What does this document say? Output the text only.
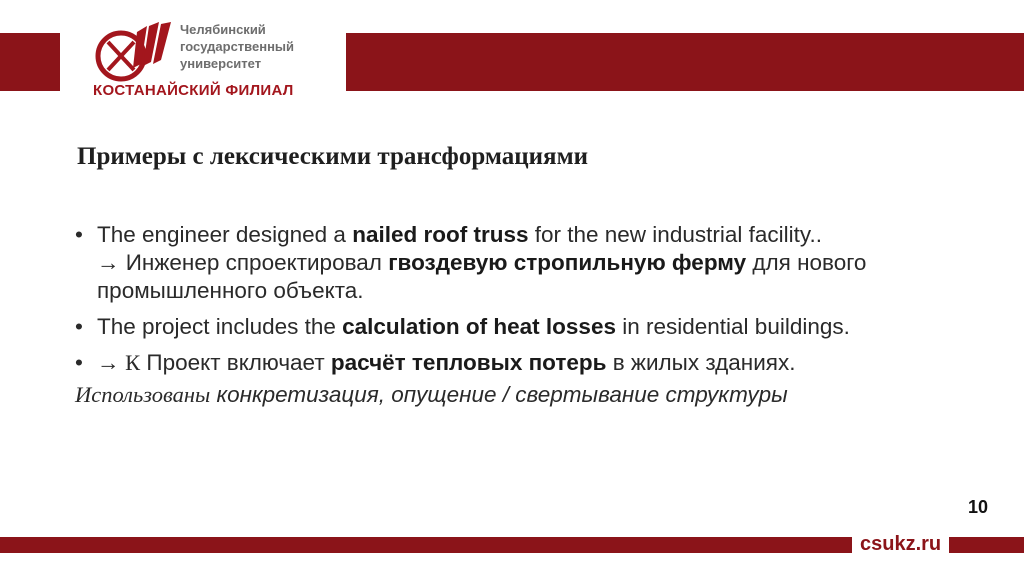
Челябинский
государственный
университет
КОСТАНАЙСКИЙ ФИЛИАЛ
Примеры с лексическими трансформациями
• The engineer designed a nailed roof truss for the new industrial facility..
→ Инженер спроектировал гвоздевую стропильную ферму для нового промышленного объекта.
• The project includes the calculation of heat losses in residential buildings.
• → К Проект включает расчёт тепловых потерь в жилых зданиях.
Использованы конкретизация, опущение / свертывание структуры
10
csukz.ru
